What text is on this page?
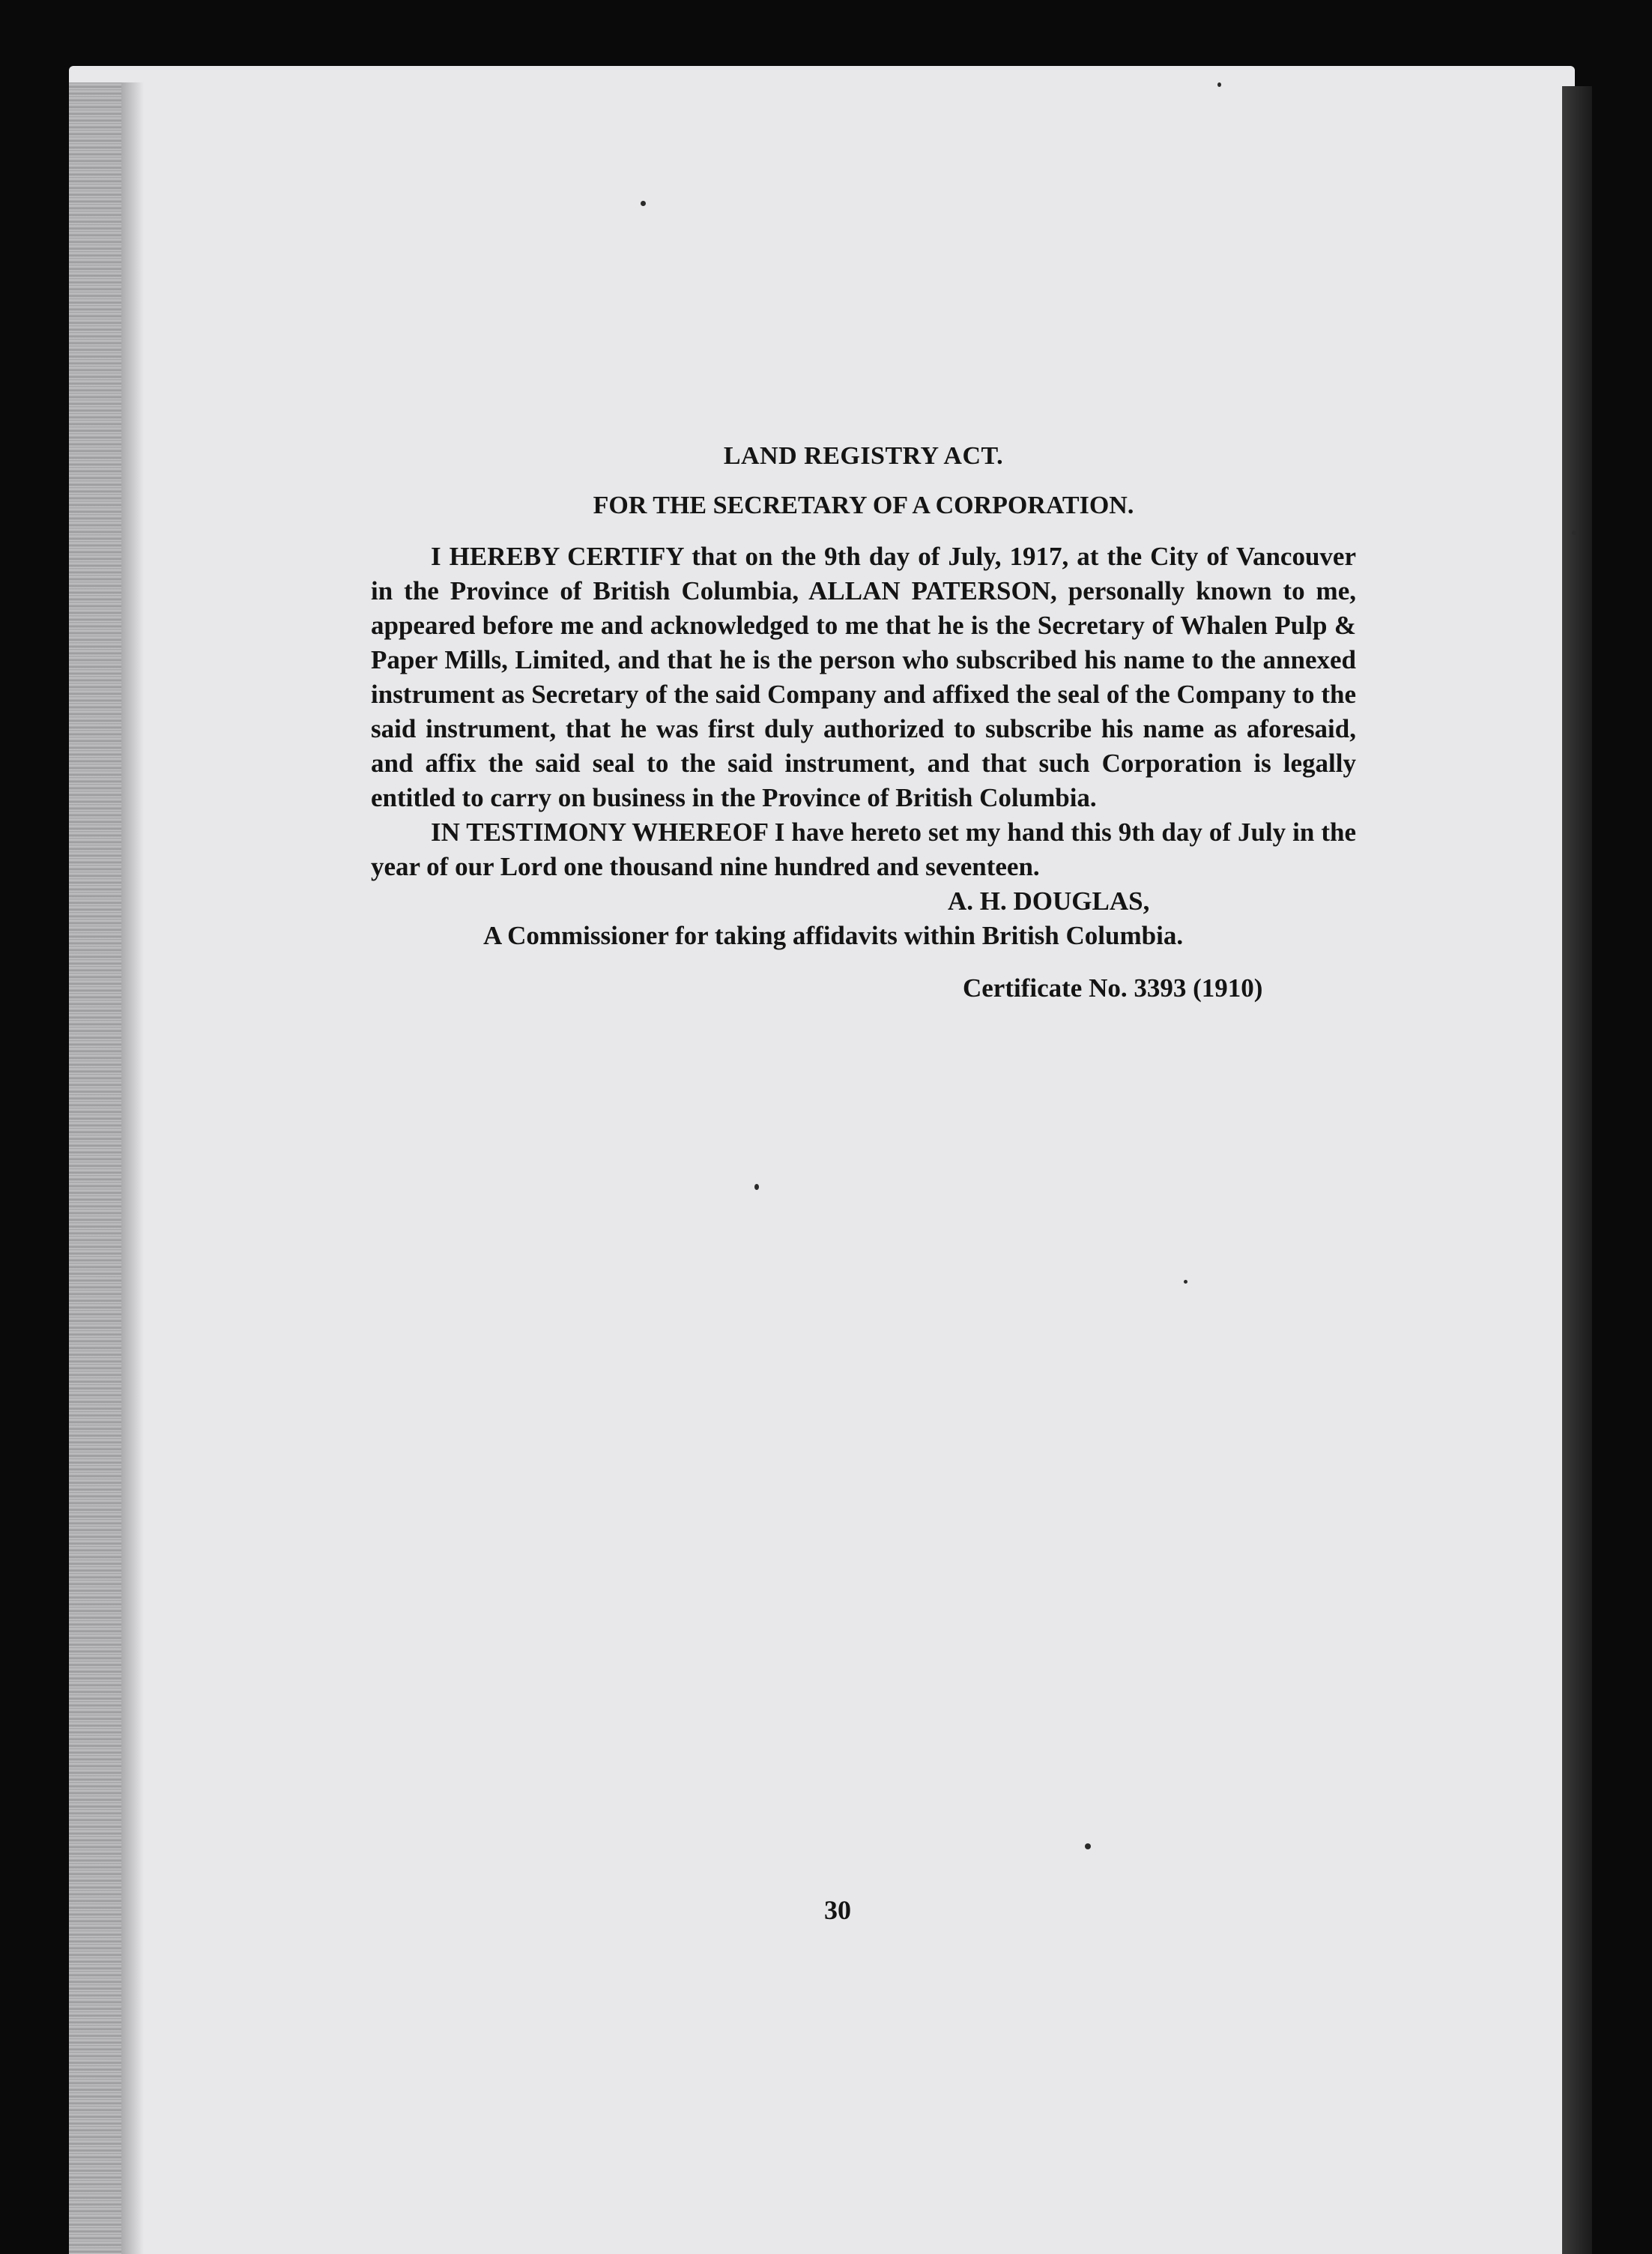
LAND REGISTRY ACT.

FOR THE SECRETARY OF A CORPORATION.

I HEREBY CERTIFY that on the 9th day of July, 1917, at the City of Vancouver in the Province of British Columbia, ALLAN PATERSON, personally known to me, appeared before me and acknowledged to me that he is the Secretary of Whalen Pulp & Paper Mills, Limited, and that he is the person who subscribed his name to the annexed instrument as Secretary of the said Company and affixed the seal of the Company to the said instrument, that he was first duly authorized to subscribe his name as aforesaid, and affix the said seal to the said instrument, and that such Corporation is legally entitled to carry on business in the Province of British Columbia.

IN TESTIMONY WHEREOF I have hereto set my hand this 9th day of July in the year of our Lord one thousand nine hundred and seventeen.

A. H. DOUGLAS,

A Commissioner for taking affidavits within British Columbia.

Certificate No. 3393 (1910)

30
